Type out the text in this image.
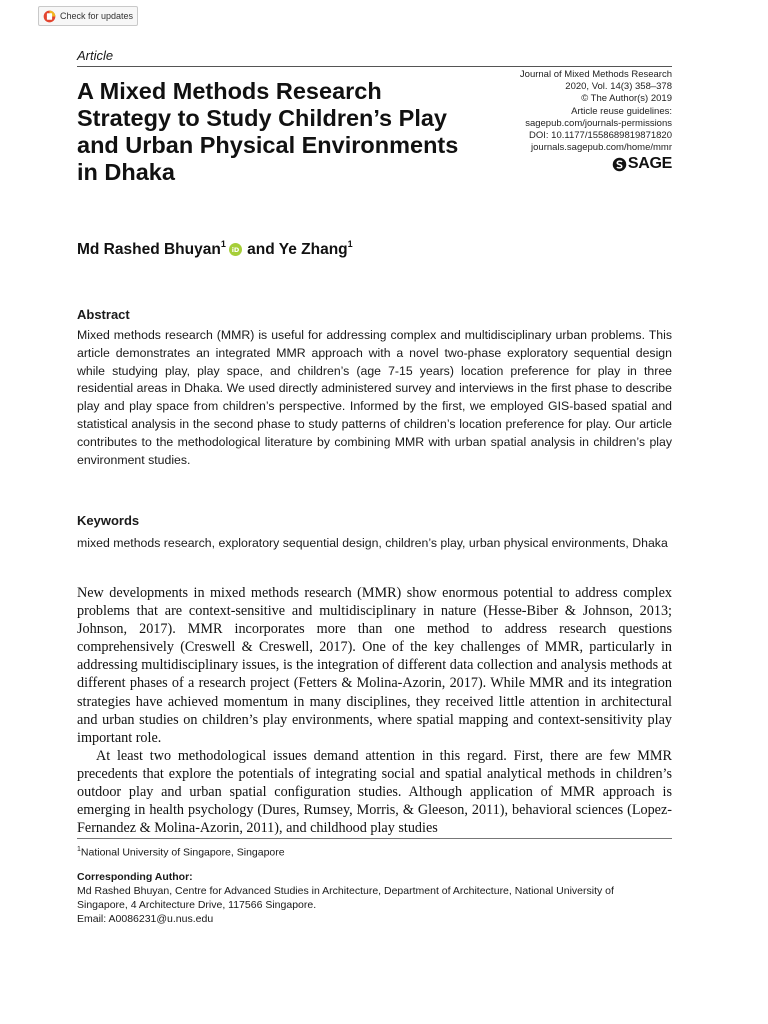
Check for updates
Article
A Mixed Methods Research Strategy to Study Children’s Play and Urban Physical Environments in Dhaka
Journal of Mixed Methods Research
2020, Vol. 14(3) 358–378
© The Author(s) 2019
Article reuse guidelines:
sagepub.com/journals-permissions
DOI: 10.1177/1558689819871820
journals.sagepub.com/home/mmr
SAGE
Md Rashed Bhuyan$^1$
iD and Ye Zhang$^1$
Abstract
Mixed methods research (MMR) is useful for addressing complex and multidisciplinary urban problems. This article demonstrates an integrated MMR approach with a novel two-phase exploratory sequential design while studying play, play space, and children’s (age 7-15 years) location preference for play in three residential areas in Dhaka. We used directly administered survey and interviews in the first phase to describe play and play space from children’s perspective. Informed by the first, we employed GIS-based spatial and statistical analysis in the second phase to study patterns of children’s location preference for play. Our article contributes to the methodological literature by combining MMR with urban spatial analysis in children’s play environment studies.
Keywords
mixed methods research, exploratory sequential design, children’s play, urban physical environments, Dhaka

New developments in mixed methods research (MMR) show enormous potential to address complex problems that are context-sensitive and multidisciplinary in nature (Hesse-Biber & Johnson, 2013; Johnson, 2017). MMR incorporates more than one method to address research questions comprehensively (Creswell & Creswell, 2017). One of the key challenges of MMR, particularly in addressing multidisciplinary issues, is the integration of different data collection and analysis methods at different phases of a research project (Fetters & Molina-Azorin, 2017). While MMR and its integration strategies have achieved momentum in many disciplines, they received little attention in architectural and urban studies on children’s play environments, where spatial mapping and context-sensitivity play important role.

At least two methodological issues demand attention in this regard. First, there are few MMR precedents that explore the potentials of integrating social and spatial analytical methods in children’s outdoor play and urban spatial configuration studies. Although application of MMR approach is emerging in health psychology (Dures, Rumsey, Morris, & Gleeson, 2011), behavioral sciences (Lopez-Fernandez & Molina-Azorin, 2011), and childhood play studies

$^1$National University of Singapore, Singapore
Corresponding Author:
Md Rashed Bhuyan, Centre for Advanced Studies in Architecture, Department of Architecture, National University of
Singapore, 4 Architecture Drive, 117566 Singapore.
Email: A0086231@u.nus.edu
